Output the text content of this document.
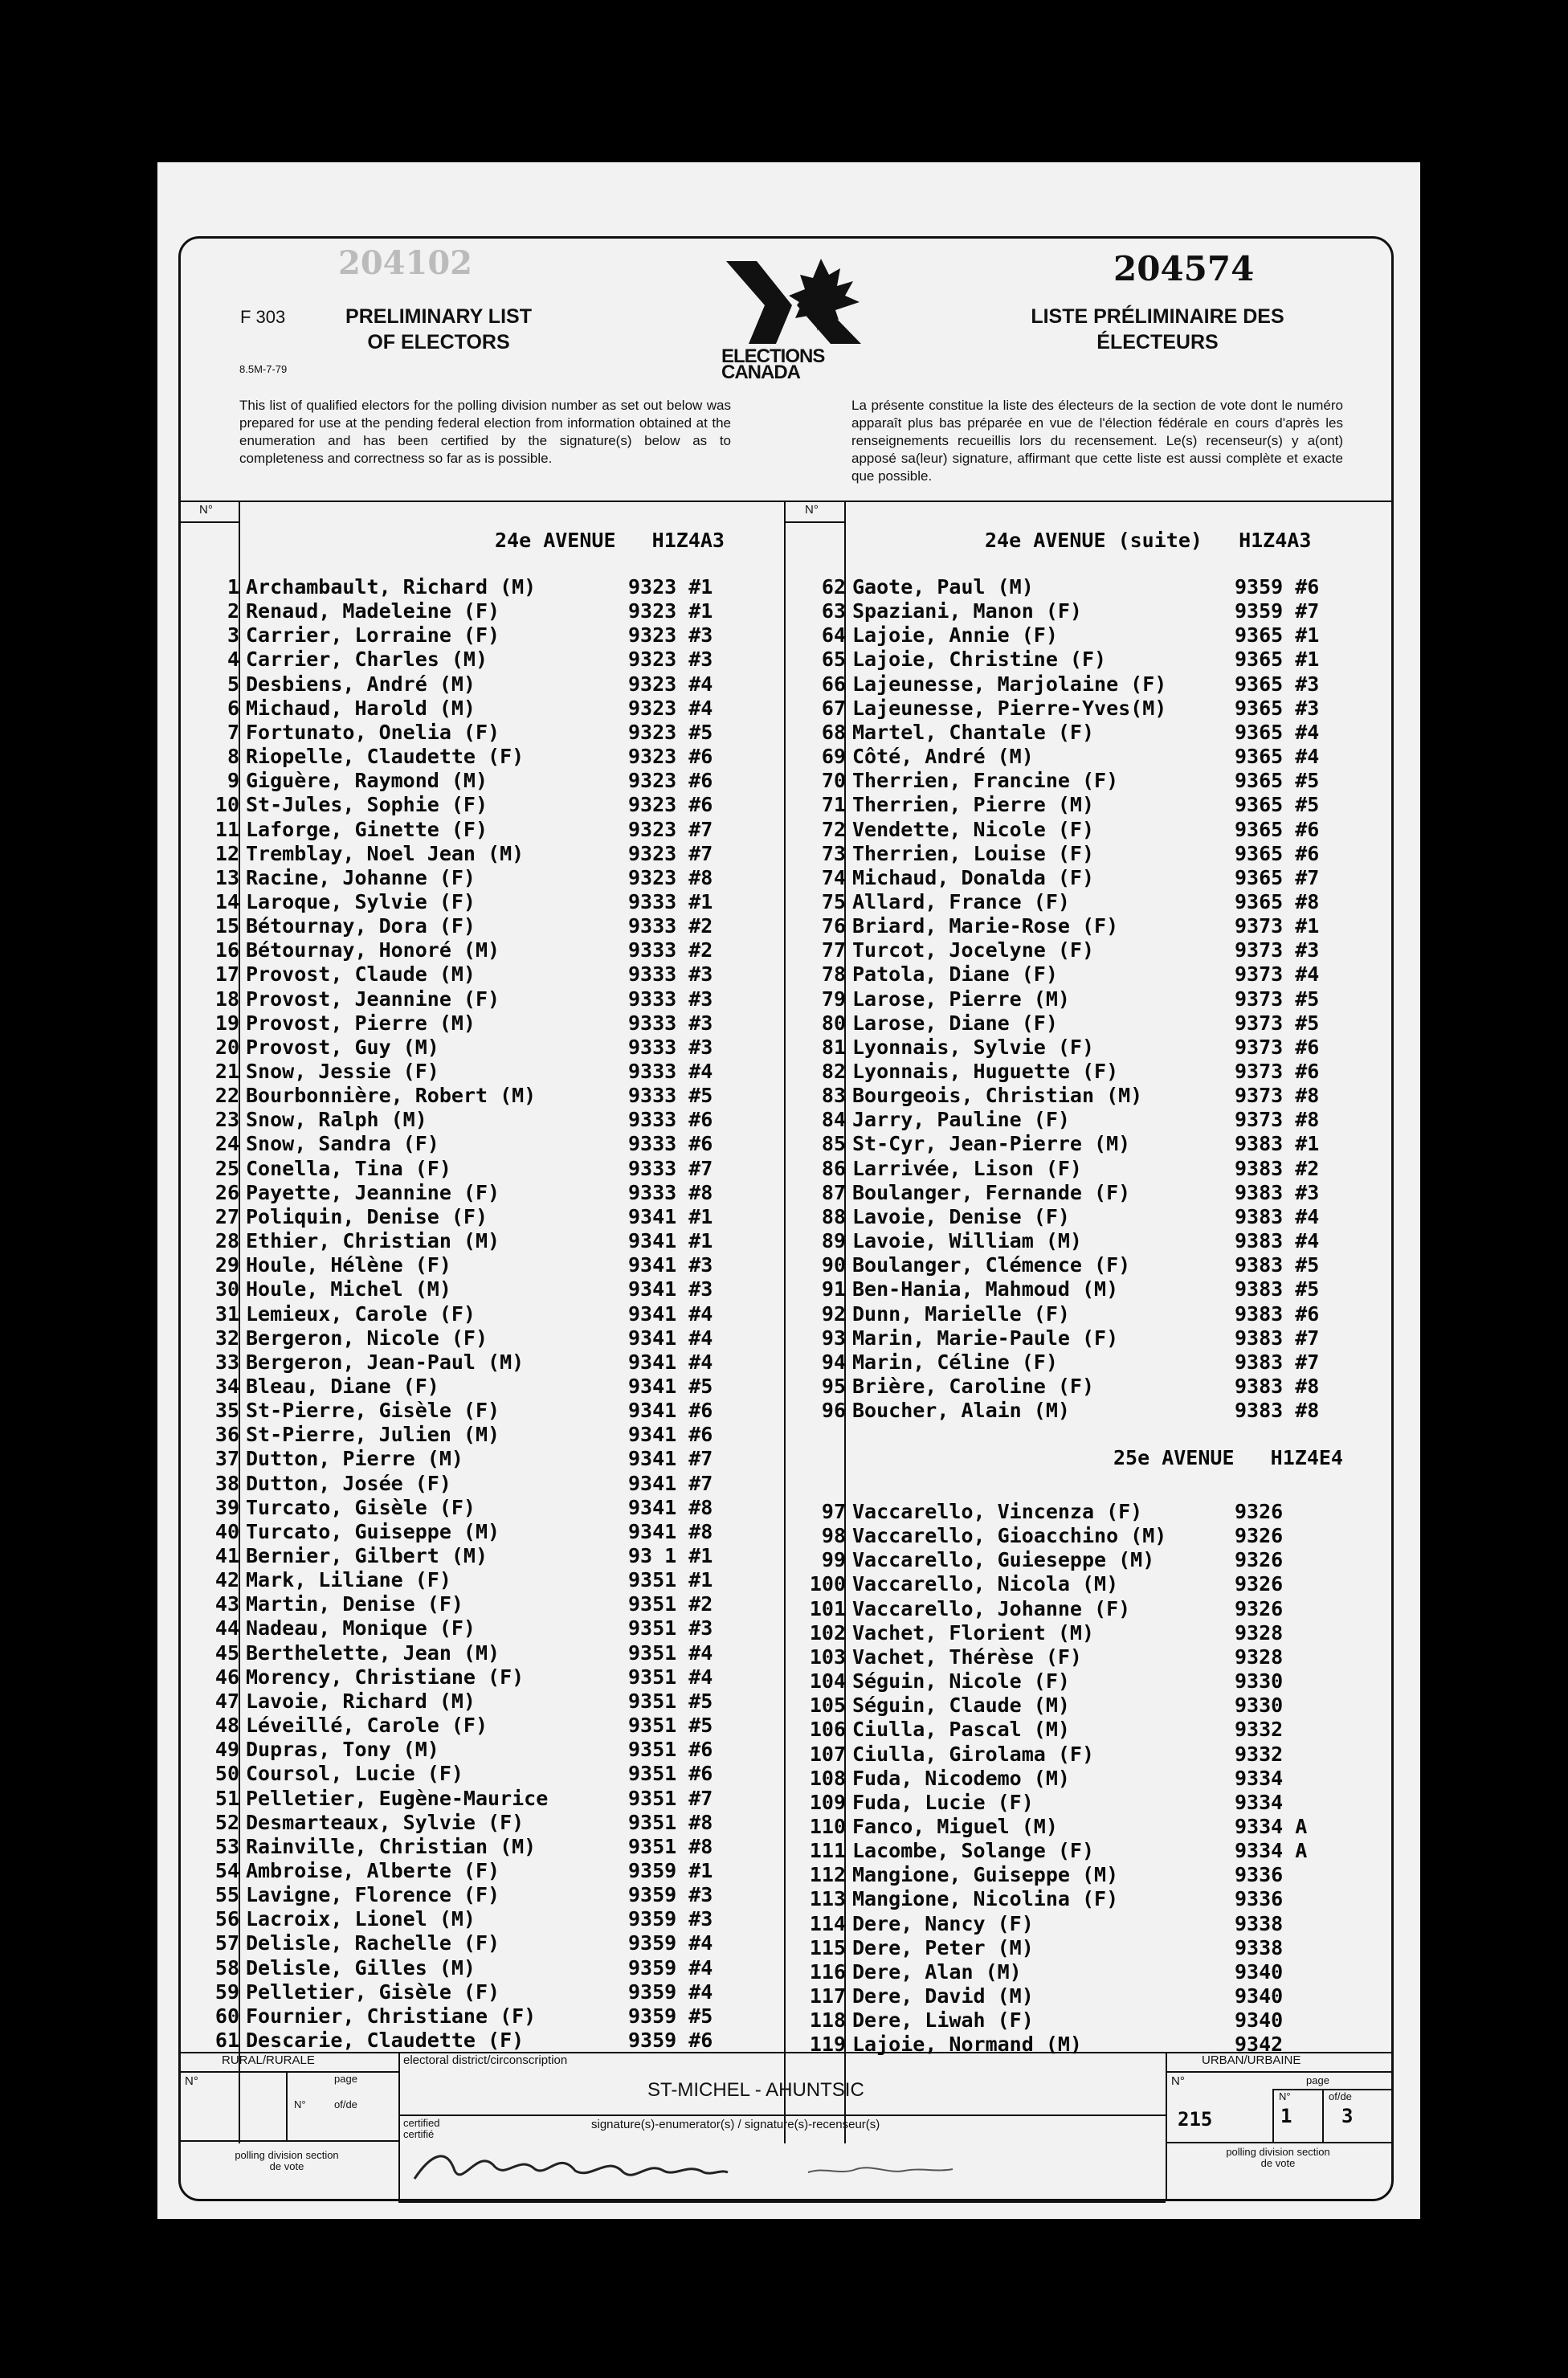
204102	204574
F 303
8.5M-7-79
PRELIMINARY LIST OF ELECTORS
LISTE PRÉLIMINAIRE DES ÉLECTEURS
ELECTIONS
CANADA
This list of qualified electors for the polling division number as set out below was prepared for use at the pending federal election from information obtained at the enumeration and has been certified by the signature(s) below as to completeness and correctness so far as is possible.
La présente constitue la liste des électeurs de la section de vote dont le numéro apparaît plus bas préparée en vue de l'élection fédérale en cours d'après les renseignements recueillis lors du recensement. Le(s) recenseur(s) y a(ont) apposé sa(leur) signature, affirmant que cette liste est aussi complète et exacte que possible.
N°	N°
24e AVENUE   H1Z4A3	24e AVENUE (suite)   H1Z4A3
25e AVENUE   H1Z4E4
RURAL/RURALE	URBAN/URBAINE
electoral district/circonscription
ST-MICHEL - AHUNTSIC
N°	page
N°	of/de
polling division section de vote
N°	page
N°	of/de
1	3
215
polling division section de vote
certified certifié
signature(s)-enumerator(s) / signature(s)-recenseur(s)
1 Archambault, Richard (M)	9323 #1
2 Renaud, Madeleine (F)	9323 #1
3 Carrier, Lorraine (F)	9323 #3
4 Carrier, Charles (M)	9323 #3
5 Desbiens, André (M)	9323 #4
6 Michaud, Harold (M)	9323 #4
7 Fortunato, Onelia (F)	9323 #5
8 Riopelle, Claudette (F)	9323 #6
9 Giguère, Raymond (M)	9323 #6
10 St-Jules, Sophie (F)	9323 #6
11 Laforge, Ginette (F)	9323 #7
12 Tremblay, Noel Jean (M)	9323 #7
13 Racine, Johanne (F)	9323 #8
14 Laroque, Sylvie (F)	9333 #1
15 Bétournay, Dora (F)	9333 #2
16 Bétournay, Honoré (M)	9333 #2
17 Provost, Claude (M)	9333 #3
18 Provost, Jeannine (F)	9333 #3
19 Provost, Pierre (M)	9333 #3
20 Provost, Guy (M)	9333 #3
21 Snow, Jessie (F)	9333 #4
22 Bourbonnière, Robert (M)	9333 #5
23 Snow, Ralph (M)	9333 #6
24 Snow, Sandra (F)	9333 #6
25 Conella, Tina (F)	9333 #7
26 Payette, Jeannine (F)	9333 #8
27 Poliquin, Denise (F)	9341 #1
28 Ethier, Christian (M)	9341 #1
29 Houle, Hélène (F)	9341 #3
30 Houle, Michel (M)	9341 #3
31 Lemieux, Carole (F)	9341 #4
32 Bergeron, Nicole (F)	9341 #4
33 Bergeron, Jean-Paul (M)	9341 #4
34 Bleau, Diane (F)	9341 #5
35 St-Pierre, Gisèle (F)	9341 #6
36 St-Pierre, Julien (M)	9341 #6
37 Dutton, Pierre (M)	9341 #7
38 Dutton, Josée (F)	9341 #7
39 Turcato, Gisèle (F)	9341 #8
40 Turcato, Guiseppe (M)	9341 #8
41 Bernier, Gilbert (M)	93 1 #1
42 Mark, Liliane (F)	9351 #1
43 Martin, Denise (F)	9351 #2
44 Nadeau, Monique (F)	9351 #3
45 Berthelette, Jean (M)	9351 #4
46 Morency, Christiane (F)	9351 #4
47 Lavoie, Richard (M)	9351 #5
48 Léveillé, Carole (F)	9351 #5
49 Dupras, Tony (M)	9351 #6
50 Coursol, Lucie (F)	9351 #6
51 Pelletier, Eugène-Maurice	9351 #7
52 Desmarteaux, Sylvie (F)	9351 #8
53 Rainville, Christian (M)	9351 #8
54 Ambroise, Alberte (F)	9359 #1
55 Lavigne, Florence (F)	9359 #3
56 Lacroix, Lionel (M)	9359 #3
57 Delisle, Rachelle (F)	9359 #4
58 Delisle, Gilles (M)	9359 #4
59 Pelletier, Gisèle (F)	9359 #4
60 Fournier, Christiane (F)	9359 #5
61 Descarie, Claudette (F)	9359 #6
62 Gaote, Paul (M)	9359 #6
63 Spaziani, Manon (F)	9359 #7
64 Lajoie, Annie (F)	9365 #1
65 Lajoie, Christine (F)	9365 #1
66 Lajeunesse, Marjolaine (F)	9365 #3
67 Lajeunesse, Pierre-Yves(M)	9365 #3
68 Martel, Chantale (F)	9365 #4
69 Côté, André (M)	9365 #4
70 Therrien, Francine (F)	9365 #5
71 Therrien, Pierre (M)	9365 #5
72 Vendette, Nicole (F)	9365 #6
73 Therrien, Louise (F)	9365 #6
74 Michaud, Donalda (F)	9365 #7
75 Allard, France (F)	9365 #8
76 Briard, Marie-Rose (F)	9373 #1
77 Turcot, Jocelyne (F)	9373 #3
78 Patola, Diane (F)	9373 #4
79 Larose, Pierre (M)	9373 #5
80 Larose, Diane (F)	9373 #5
81 Lyonnais, Sylvie (F)	9373 #6
82 Lyonnais, Huguette (F)	9373 #6
83 Bourgeois, Christian (M)	9373 #8
84 Jarry, Pauline (F)	9373 #8
85 St-Cyr, Jean-Pierre (M)	9383 #1
86 Larrivée, Lison (F)	9383 #2
87 Boulanger, Fernande (F)	9383 #3
88 Lavoie, Denise (F)	9383 #4
89 Lavoie, William (M)	9383 #4
90 Boulanger, Clémence (F)	9383 #5
91 Ben-Hania, Mahmoud (M)	9383 #5
92 Dunn, Marielle (F)	9383 #6
93 Marin, Marie-Paule (F)	9383 #7
94 Marin, Céline (F)	9383 #7
95 Brière, Caroline (F)	9383 #8
96 Boucher, Alain (M)	9383 #8
97 Vaccarello, Vincenza (F)	9326
98 Vaccarello, Gioacchino (M)	9326
99 Vaccarello, Guieseppe (M)	9326
100 Vaccarello, Nicola (M)	9326
101 Vaccarello, Johanne (F)	9326
102 Vachet, Florient (M)	9328
103 Vachet, Thérèse (F)	9328
104 Séguin, Nicole (F)	9330
105 Séguin, Claude (M)	9330
106 Ciulla, Pascal (M)	9332
107 Ciulla, Girolama (F)	9332
108 Fuda, Nicodemo (M)	9334
109 Fuda, Lucie (F)	9334
110 Fanco, Miguel (M)	9334 A
111 Lacombe, Solange (F)	9334 A
112 Mangione, Guiseppe (M)	9336
113 Mangione, Nicolina (F)	9336
114 Dere, Nancy (F)	9338
115 Dere, Peter (M)	9338
116 Dere, Alan (M)	9340
117 Dere, David (M)	9340
118 Dere, Liwah (F)	9340
119 Lajoie, Normand (M)	9342
